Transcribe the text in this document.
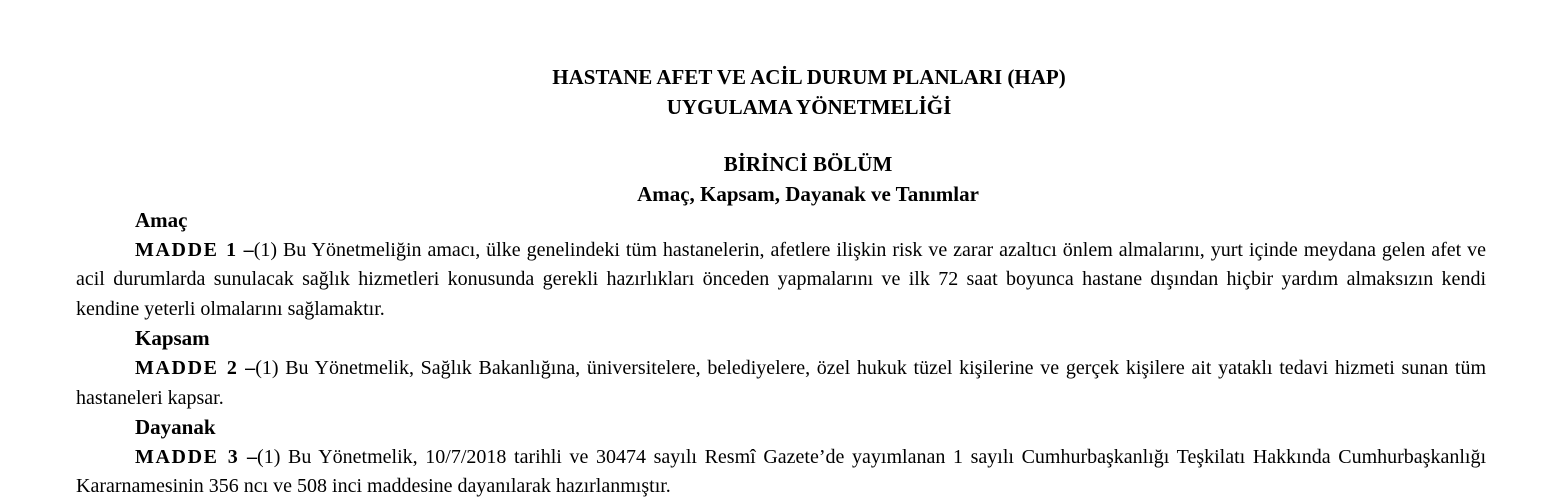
HASTANE AFET VE ACİL DURUM PLANLARI (HAP)
UYGULAMA YÖNETMELİĞİ
BİRİNCİ BÖLÜM
Amaç, Kapsam, Dayanak ve Tanımlar
Amaç
MADDE 1 –(1) Bu Yönetmeliğin amacı, ülke genelindeki tüm hastanelerin, afetlere ilişkin risk ve zarar azaltıcı önlem almalarını, yurt içinde meydana gelen afet ve acil durumlarda sunulacak sağlık hizmetleri konusunda gerekli hazırlıkları önceden yapmalarını ve ilk 72 saat boyunca hastane dışından hiçbir yardım almaksızın kendi kendine yeterli olmalarını sağlamaktır.
Kapsam
MADDE 2 –(1) Bu Yönetmelik, Sağlık Bakanlığına, üniversitelere, belediyelere, özel hukuk tüzel kişilerine ve gerçek kişilere ait yataklı tedavi hizmeti sunan tüm hastaneleri kapsar.
Dayanak
MADDE 3 –(1) Bu Yönetmelik, 10/7/2018 tarihli ve 30474 sayılı Resmî Gazete’de yayımlanan 1 sayılı Cumhurbaşkanlığı Teşkilatı Hakkında Cumhurbaşkanlığı Kararnamesinin 356 ncı ve 508 inci maddesine dayanılarak hazırlanmıştır.
